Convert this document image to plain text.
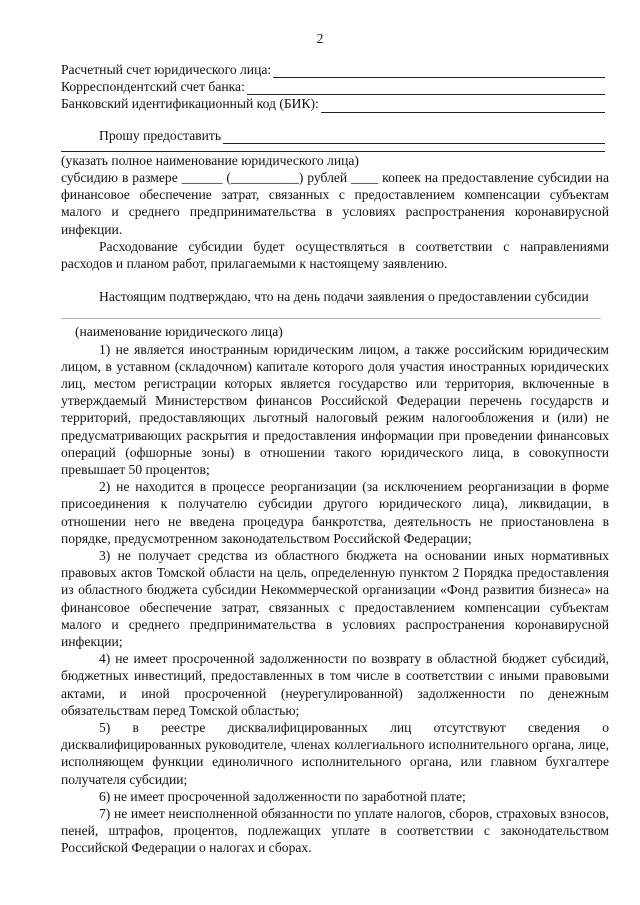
2
Расчетный счет юридического лица:
Корреспондентский счет банка:
Банковский идентификационный код (БИК):
Прошу предоставить

(указать полное наименование юридического лица)

субсидию в размере ______ (__________) рублей ____ копеек на предоставление субсидии на финансовое обеспечение затрат, связанных с предоставлением компенсации субъектам малого и среднего предпринимательства в условиях распространения коронавирусной инфекции.

Расходование субсидии будет осуществляться в соответствии с направлениями расходов и планом работ, прилагаемыми к настоящему заявлению.

Настоящим подтверждаю, что на день подачи заявления о предоставлении субсидии

(наименование юридического лица)

1) не является иностранным юридическим лицом, а также российским юридическим лицом, в уставном (складочном) капитале которого доля участия иностранных юридических лиц, местом регистрации которых является государство или территория, включенные в утверждаемый Министерством финансов Российской Федерации перечень государств и территорий, предоставляющих льготный налоговый режим налогообложения и (или) не предусматривающих раскрытия и предоставления информации при проведении финансовых операций (офшорные зоны) в отношении такого юридического лица, в совокупности превышает 50 процентов;

2) не находится в процессе реорганизации (за исключением реорганизации в форме присоединения к получателю субсидии другого юридического лица), ликвидации, в отношении него не введена процедура банкротства, деятельность не приостановлена в порядке, предусмотренном законодательством Российской Федерации;

3) не получает средства из областного бюджета на основании иных нормативных правовых актов Томской области на цель, определенную пунктом 2 Порядка предоставления из областного бюджета субсидии Некоммерческой организации «Фонд развития бизнеса» на финансовое обеспечение затрат, связанных с предоставлением компенсации субъектам малого и среднего предпринимательства в условиях распространения коронавирусной инфекции;

4) не имеет просроченной задолженности по возврату в областной бюджет субсидий, бюджетных инвестиций, предоставленных в том числе в соответствии с иными правовыми актами, и иной просроченной (неурегулированной) задолженности по денежным обязательствам перед Томской областью;

5) в реестре дисквалифицированных лиц отсутствуют сведения о дисквалифицированных руководителе, членах коллегиального исполнительного органа, лице, исполняющем функции единоличного исполнительного органа, или главном бухгалтере получателя субсидии;

6) не имеет просроченной задолженности по заработной плате;

7) не имеет неисполненной обязанности по уплате налогов, сборов, страховых взносов, пеней, штрафов, процентов, подлежащих уплате в соответствии с законодательством Российской Федерации о налогах и сборах.
